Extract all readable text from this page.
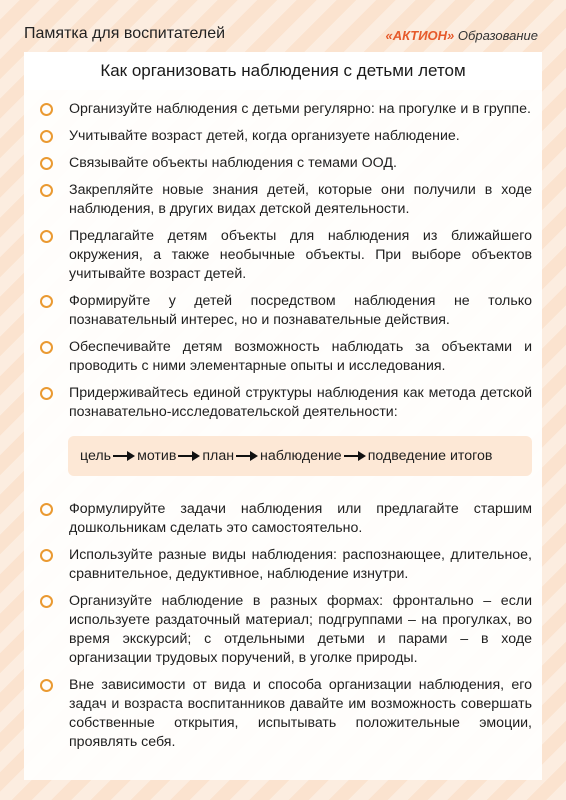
Памятка для воспитателей	«АКТИОН» Образование
Как организовать наблюдения с детьми летом
Организуйте наблюдения с детьми регулярно: на прогулке и в группе.
Учитывайте возраст детей, когда организуете наблюдение.
Связывайте объекты наблюдения с темами ООД.
Закрепляйте новые знания детей, которые они получили в ходе наблюдения, в других видах детской деятельности.
Предлагайте детям объекты для наблюдения из ближайшего окружения, а также необычные объекты. При выборе объектов учитывайте возраст детей.
Формируйте у детей посредством наблюдения не только познавательный интерес, но и познавательные действия.
Обеспечивайте детям возможность наблюдать за объектами и проводить с ними элементарные опыты и исследования.
Придерживайтесь единой структуры наблюдения как метода детской познавательно-исследовательской деятельности:
цель мотив план наблюдение подведение итогов
Формулируйте задачи наблюдения или предлагайте старшим дошкольникам сделать это самостоятельно.
Используйте разные виды наблюдения: распознающее, длительное, сравнительное, дедуктивное, наблюдение изнутри.
Организуйте наблюдение в разных формах: фронтально – если используете раздаточный материал; подгруппами – на прогулках, во время экскурсий; с отдельными детьми и парами – в ходе организации трудовых поручений, в уголке природы.
Вне зависимости от вида и способа организации наблюдения, его задач и возраста воспитанников давайте им возможность совершать собственные открытия, испытывать положительные эмоции, проявлять себя.
